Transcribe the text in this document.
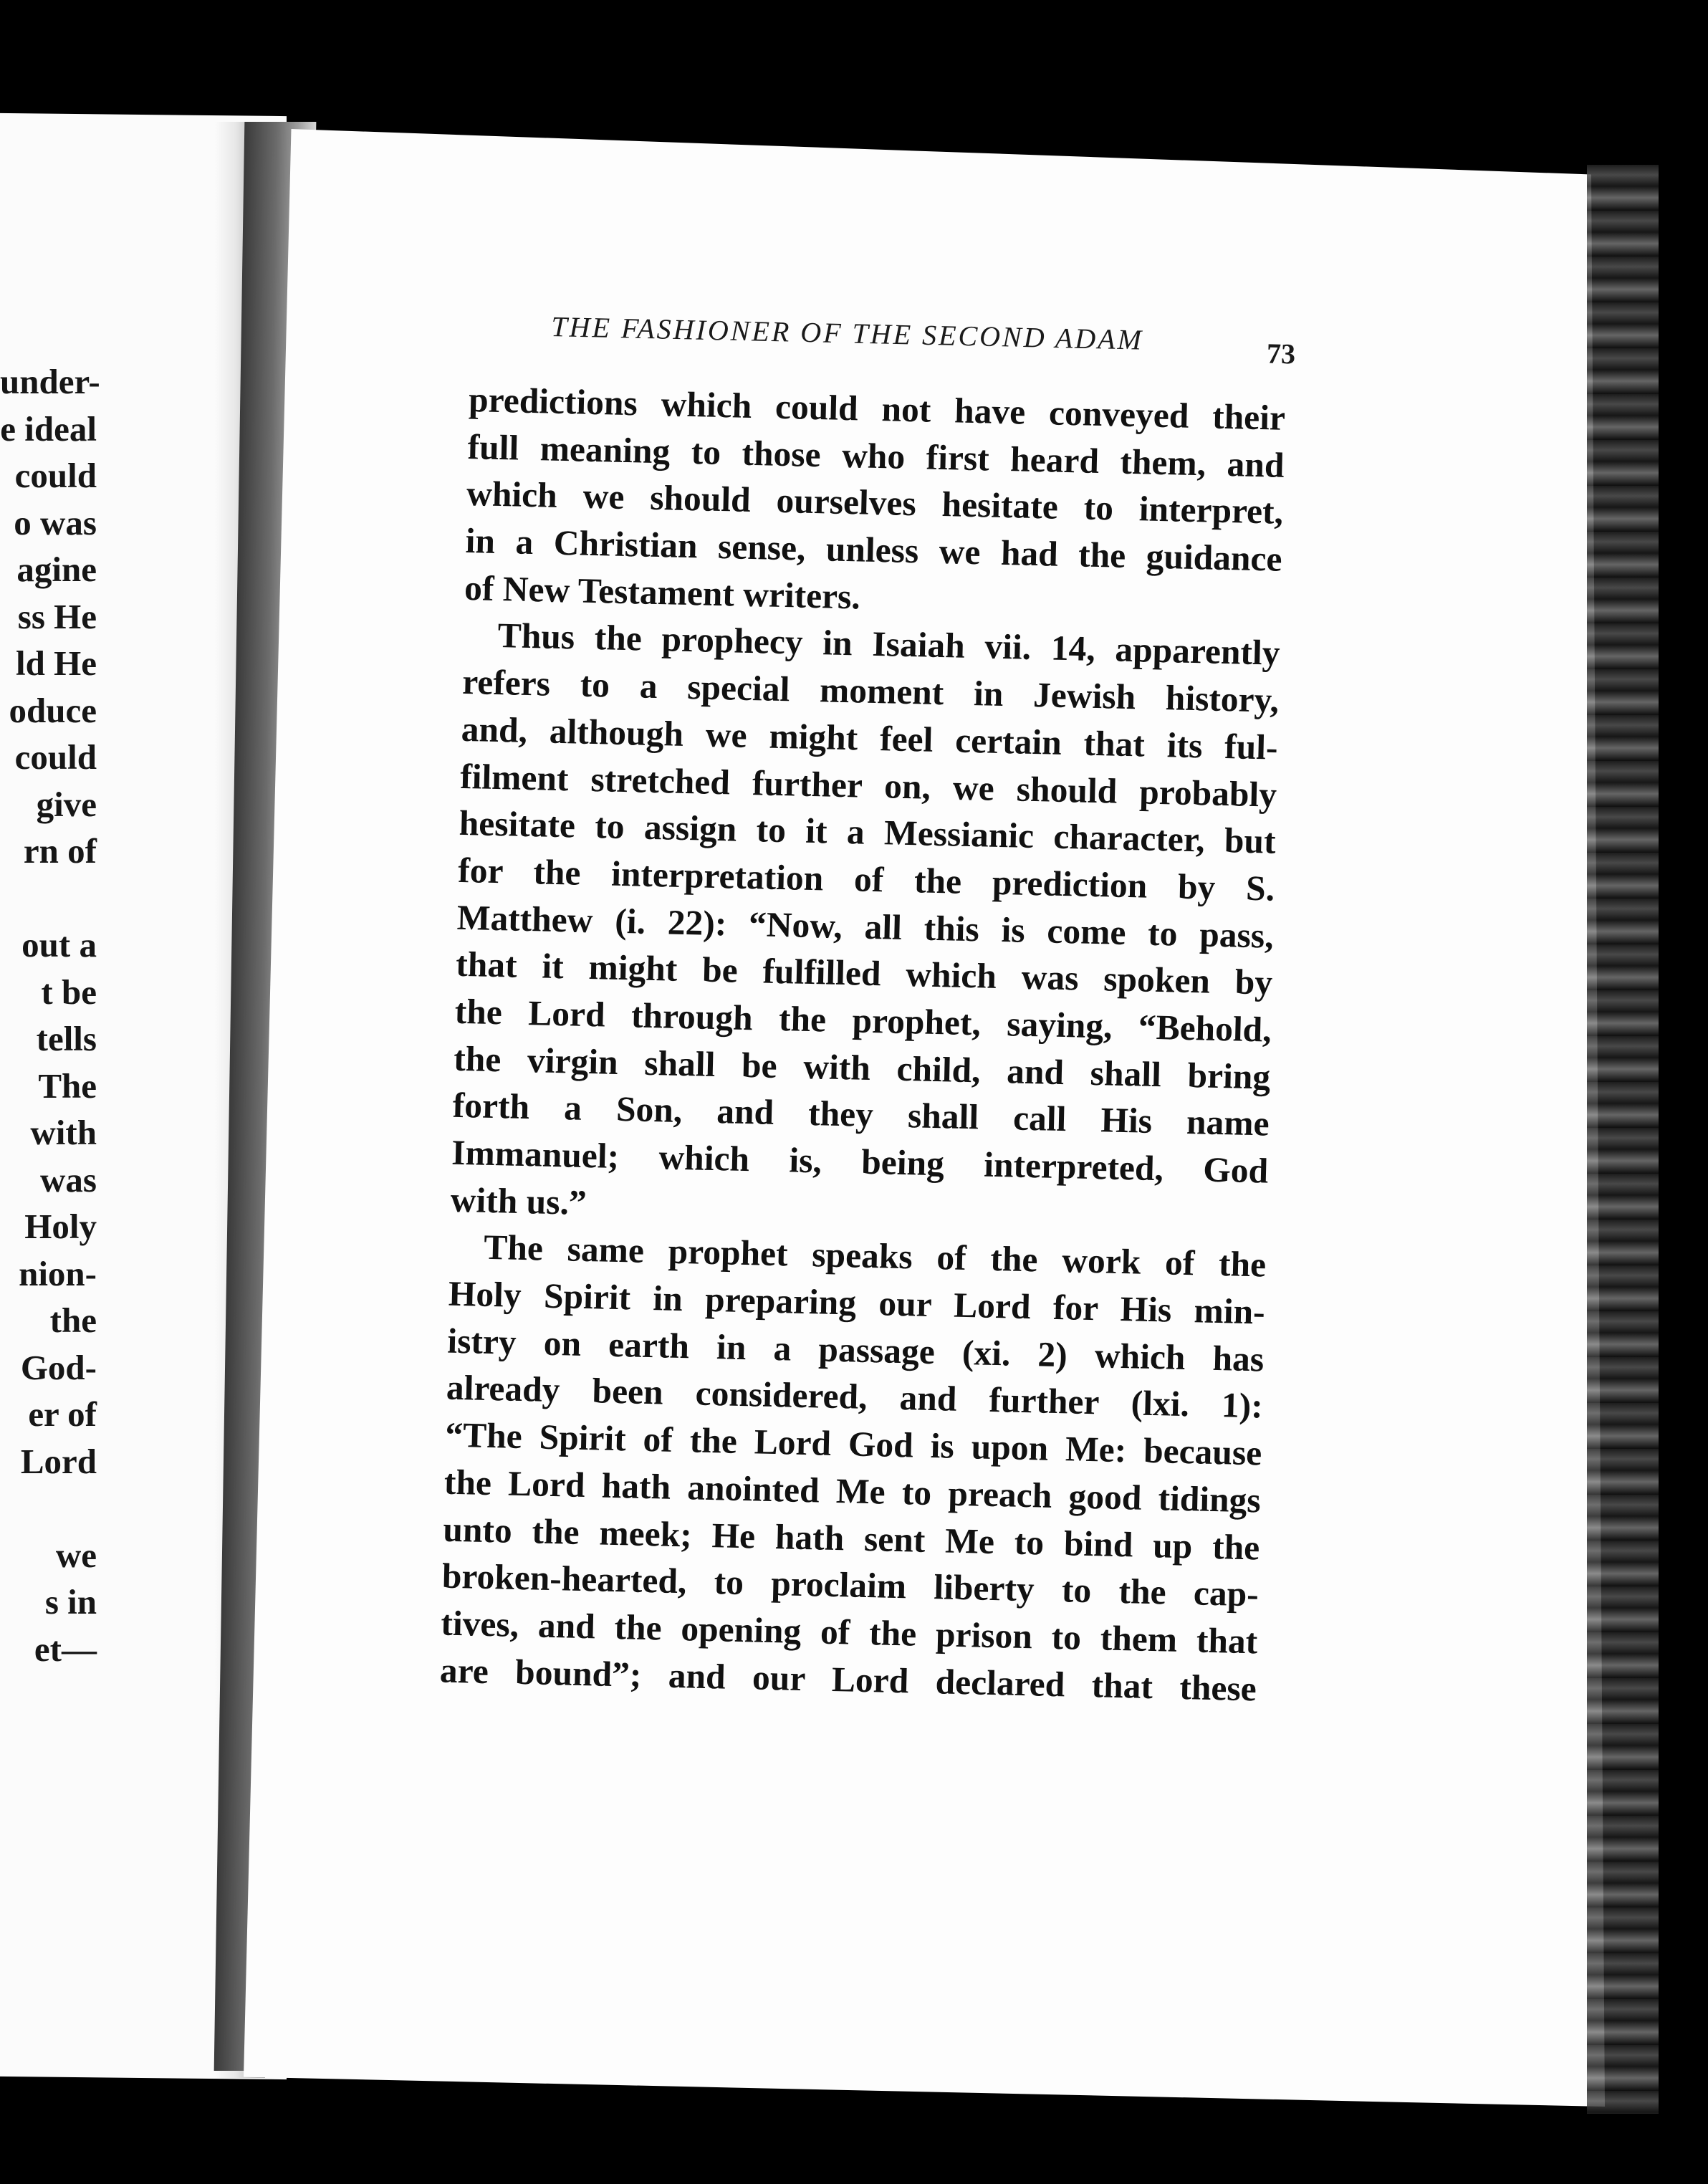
under-
e ideal
could
o was
agine
ss He
ld He
oduce
could
give
rn of
out a
t be
tells
The
with
was
Holy
nion-
the
God-
er of
Lord
we
s in
et—
THE FASHIONER OF THE SECOND ADAM	73
predictions which could not have conveyed their
full meaning to those who first heard them, and
which we should ourselves hesitate to interpret,
in a Christian sense, unless we had the guidance
of New Testament writers.
Thus the prophecy in Isaiah vii. 14, apparently
refers to a special moment in Jewish history,
and, although we might feel certain that its ful-
filment stretched further on, we should probably
hesitate to assign to it a Messianic character, but
for the interpretation of the prediction by S.
Matthew (i. 22): “Now, all this is come to pass,
that it might be fulfilled which was spoken by
the Lord through the prophet, saying, “Behold,
the virgin shall be with child, and shall bring
forth a Son, and they shall call His name
Immanuel; which is, being interpreted, God
with us.”
The same prophet speaks of the work of the
Holy Spirit in preparing our Lord for His min-
istry on earth in a passage (xi. 2) which has
already been considered, and further (lxi. 1):
“The Spirit of the Lord God is upon Me: because
the Lord hath anointed Me to preach good tidings
unto the meek; He hath sent Me to bind up the
broken-hearted, to proclaim liberty to the cap-
tives, and the opening of the prison to them that
are bound”; and our Lord declared that these
